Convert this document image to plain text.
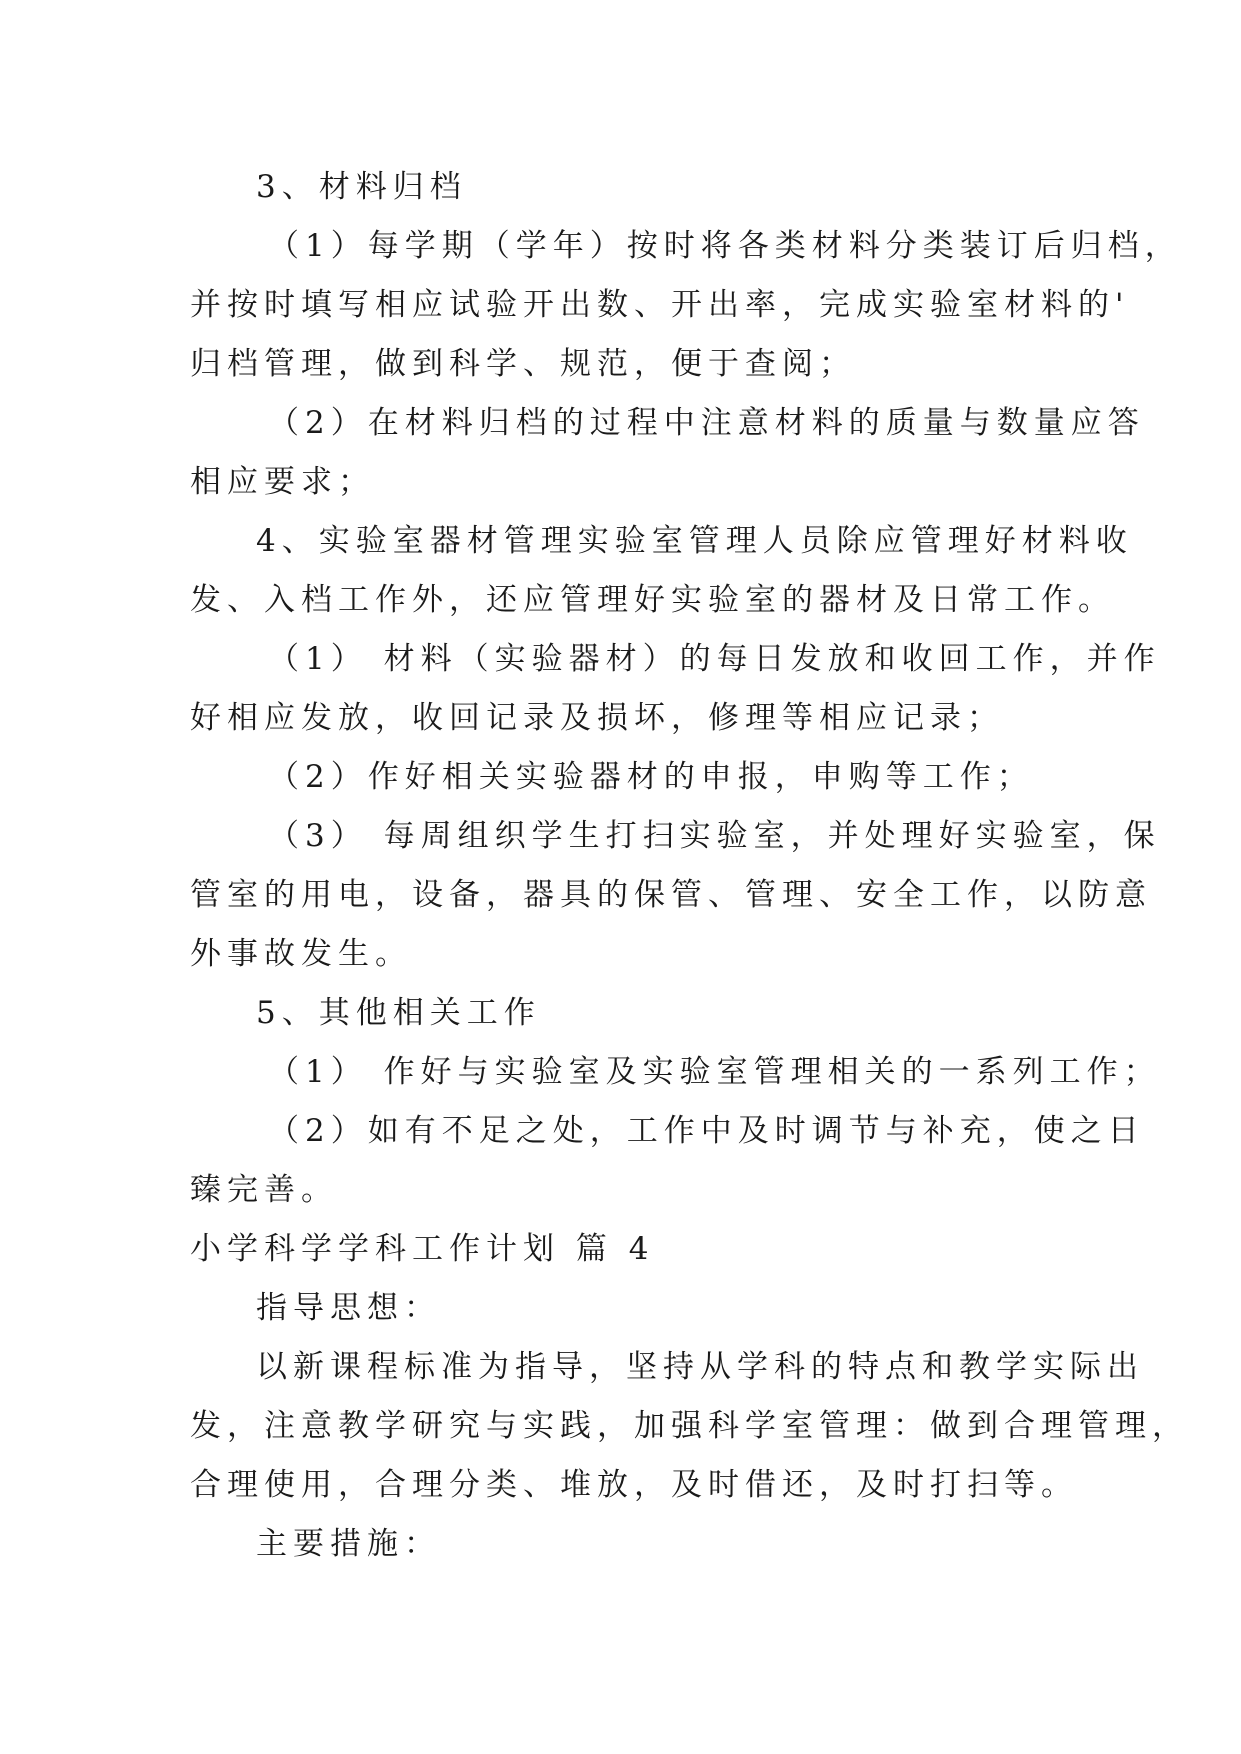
3、材料归档

（1）每学期（学年）按时将各类材料分类装订后归档，

并按时填写相应试验开出数、开出率，完成实验室材料的'

归档管理，做到科学、规范，便于查阅；

（2）在材料归档的过程中注意材料的质量与数量应答

相应要求；

4、实验室器材管理实验室管理人员除应管理好材料收

发、入档工作外，还应管理好实验室的器材及日常工作。

（1） 材料（实验器材）的每日发放和收回工作，并作

好相应发放，收回记录及损坏，修理等相应记录；

（2）作好相关实验器材的申报，申购等工作；

（3） 每周组织学生打扫实验室，并处理好实验室，保

管室的用电，设备，器具的保管、管理、安全工作，以防意

外事故发生。

5、其他相关工作

（1） 作好与实验室及实验室管理相关的一系列工作；

（2）如有不足之处，工作中及时调节与补充，使之日

臻完善。

小学科学学科工作计划 篇 4

指导思想：

以新课程标准为指导，坚持从学科的特点和教学实际出

发，注意教学研究与实践，加强科学室管理：做到合理管理，

合理使用，合理分类、堆放，及时借还，及时打扫等。

主要措施：
